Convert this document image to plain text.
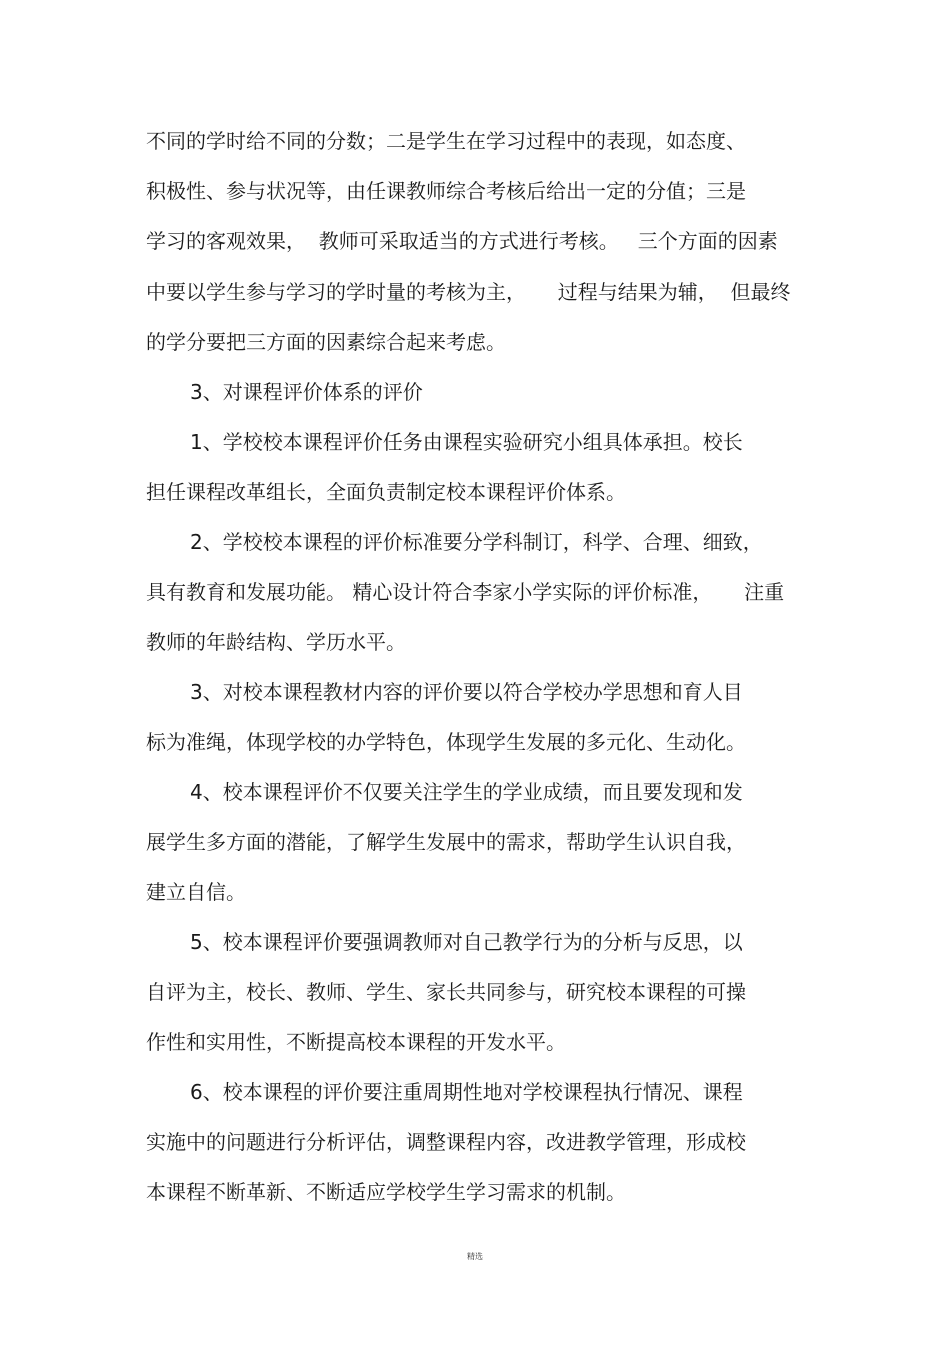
不同的学时给不同的分数；二是学生在学习过程中的表现，如态度、
积极性、参与状况等，由任课教师综合考核后给出一定的分值；三是
学习的客观效果，  教师可采取适当的方式进行考核。   三个方面的因素
中要以学生参与学习的学时量的考核为主，     过程与结果为辅，  但最终
的学分要把三方面的因素综合起来考虑。
3、对课程评价体系的评价
1、学校校本课程评价任务由课程实验研究小组具体承担。校长
担任课程改革组长，全面负责制定校本课程评价体系。
2、学校校本课程的评价标准要分学科制订，科学、合理、细致，
具有教育和发展功能。 精心设计符合李家小学实际的评价标准，     注重
教师的年龄结构、学历水平。
3、对校本课程教材内容的评价要以符合学校办学思想和育人目
标为准绳，体现学校的办学特色，体现学生发展的多元化、生动化。
4、校本课程评价不仅要关注学生的学业成绩，而且要发现和发
展学生多方面的潜能，了解学生发展中的需求，帮助学生认识自我，
建立自信。
5、校本课程评价要强调教师对自己教学行为的分析与反思，以
自评为主，校长、教师、学生、家长共同参与，研究校本课程的可操
作性和实用性，不断提高校本课程的开发水平。
6、校本课程的评价要注重周期性地对学校课程执行情况、课程
实施中的问题进行分析评估，调整课程内容，改进教学管理，形成校
本课程不断革新、不断适应学校学生学习需求的机制。
精选
